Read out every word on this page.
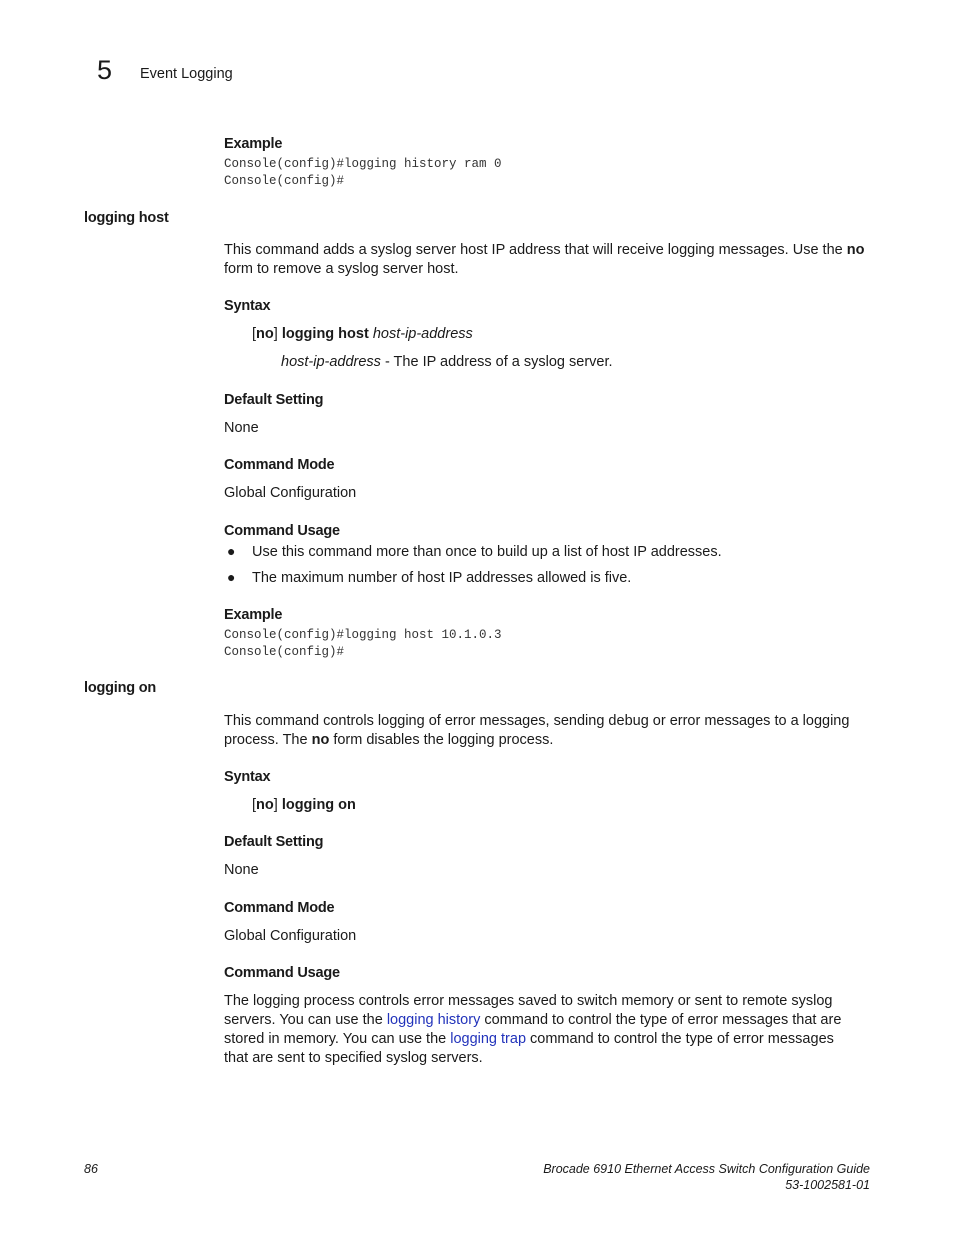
5 Event Logging
Example
Console(config)#logging history ram 0
Console(config)#
logging host
This command adds a syslog server host IP address that will receive logging messages. Use the no
form to remove a syslog server host.
Syntax
[no] logging host host-ip-address
host-ip-address - The IP address of a syslog server.
Default Setting
None
Command Mode
Global Configuration
Command Usage
● Use this command more than once to build up a list of host IP addresses.
● The maximum number of host IP addresses allowed is five.
Example
Console(config)#logging host 10.1.0.3
Console(config)#
logging on
This command controls logging of error messages, sending debug or error messages to a logging
process. The no form disables the logging process.
Syntax
[no] logging on
Default Setting
None
Command Mode
Global Configuration
Command Usage
The logging process controls error messages saved to switch memory or sent to remote syslog
servers. You can use the logging history command to control the type of error messages that are
stored in memory. You can use the logging trap command to control the type of error messages
that are sent to specified syslog servers.
86	Brocade 6910 Ethernet Access Switch Configuration Guide
53-1002581-01
